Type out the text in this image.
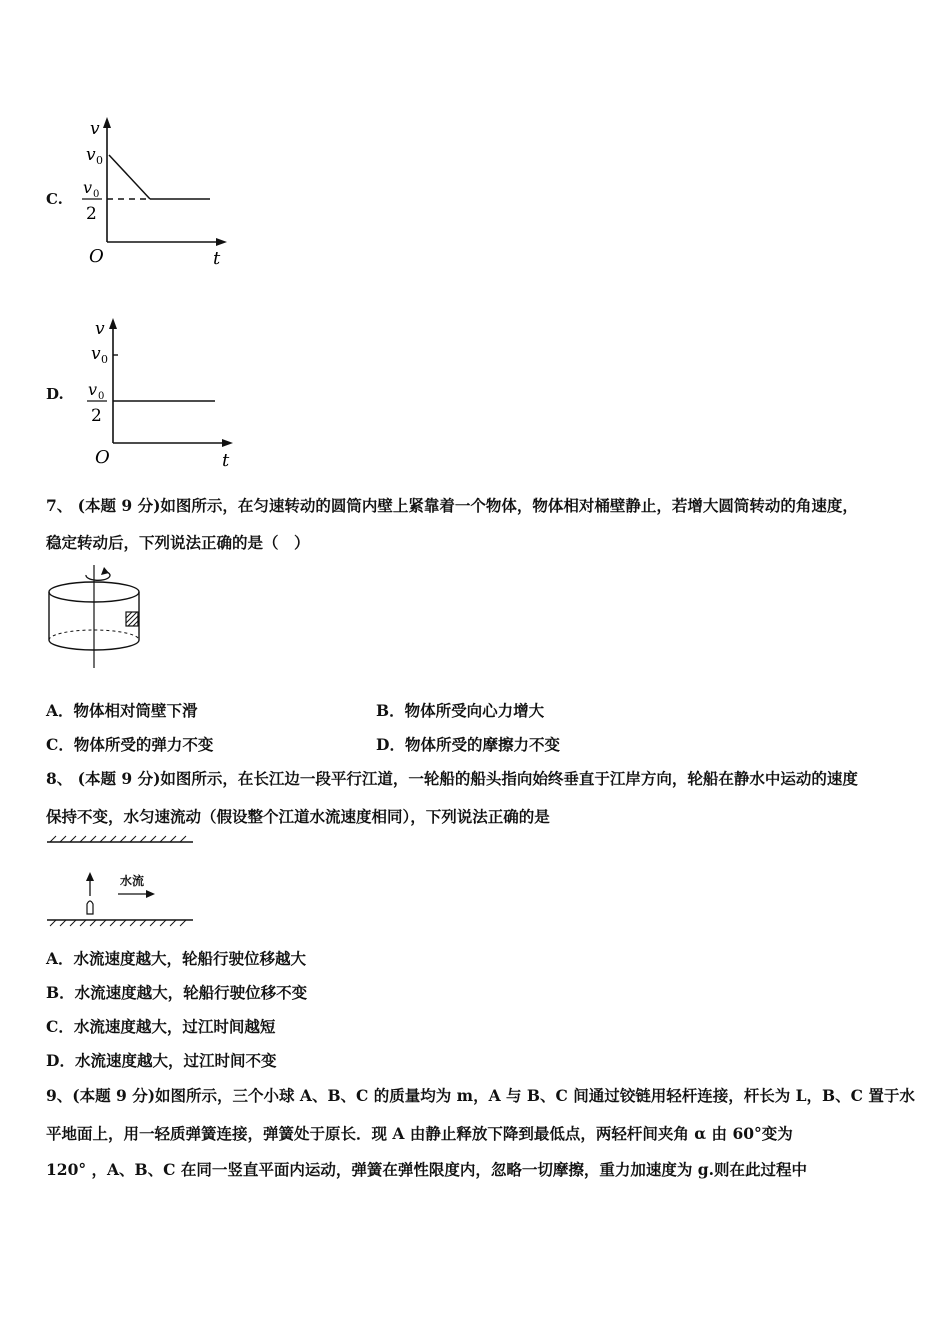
C.
v
v 0
v 0
2
O	t
D.
v
v 0
v 0
2
O	t
7、 (本题 9 分)如图所示，在匀速转动的圆筒内壁上紧靠着一个物体，物体相对桶壁静止，若增大圆筒转动的角速度，
稳定转动后，下列说法正确的是（　）
A．物体相对筒壁下滑	B．物体所受向心力增大
C．物体所受的弹力不变	D．物体所受的摩擦力不变
8、 (本题 9 分)如图所示，在长江边一段平行江道，一轮船的船头指向始终垂直于江岸方向，轮船在静水中运动的速度
保持不变，水匀速流动（假设整个江道水流速度相同），下列说法正确的是
水流
A．水流速度越大，轮船行驶位移越大
B．水流速度越大，轮船行驶位移不变
C．水流速度越大，过江时间越短
D．水流速度越大，过江时间不变
9、(本题 9 分)如图所示，三个小球 A、B、C 的质量均为 m，A 与 B、C 间通过铰链用轻杆连接，杆长为 L，B、C 置于水
平地面上，用一轻质弹簧连接，弹簧处于原长．现 A 由静止释放下降到最低点，两轻杆间夹角 α 由 60°变为
120° ，A、B、C 在同一竖直平面内运动，弹簧在弹性限度内，忽略一切摩擦，重力加速度为 g.则在此过程中
